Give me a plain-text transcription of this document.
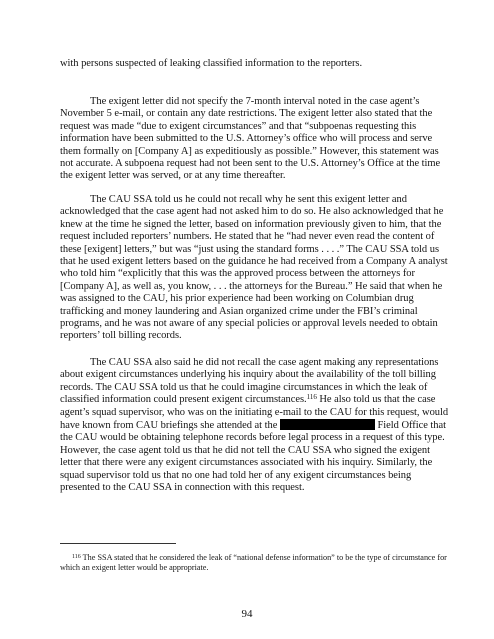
with persons suspected of leaking classified information to the reporters.

The exigent letter did not specify the 7-month interval noted in the case agent’s November 5 e-mail, or contain any date restrictions. The exigent letter also stated that the request was made “due to exigent circumstances” and that “subpoenas requesting this information have been submitted to the U.S. Attorney’s office who will process and serve them formally on [Company A] as expeditiously as possible.” However, this statement was not accurate. A subpoena request had not been sent to the U.S. Attorney’s Office at the time the exigent letter was served, or at any time thereafter.

The CAU SSA told us he could not recall why he sent this exigent letter and acknowledged that the case agent had not asked him to do so. He also acknowledged that he knew at the time he signed the letter, based on information previously given to him, that the request included reporters’ numbers. He stated that he “had never even read the content of these [exigent] letters,” but was “just using the standard forms . . . .” The CAU SSA told us that he used exigent letters based on the guidance he had received from a Company A analyst who told him “explicitly that this was the approved process between the attorneys for [Company A], as well as, you know, . . . the attorneys for the Bureau.” He said that when he was assigned to the CAU, his prior experience had been working on Columbian drug trafficking and money laundering and Asian organized crime under the FBI’s criminal programs, and he was not aware of any special policies or approval levels needed to obtain reporters’ toll billing records.

The CAU SSA also said he did not recall the case agent making any representations about exigent circumstances underlying his inquiry about the availability of the toll billing records. The CAU SSA told us that he could imagine circumstances in which the leak of classified information could present exigent circumstances.$^{116}$ He also told us that the case agent’s squad supervisor, who was on the initiating e-mail to the CAU for this request, would have known from CAU briefings she attended at the	Field Office that the CAU would be obtaining telephone records before legal process in a request of this type. However, the case agent told us that he did not tell the CAU SSA who signed the exigent letter that there were any exigent circumstances associated with his inquiry. Similarly, the squad supervisor told us that no one had told her of any exigent circumstances being presented to the CAU SSA in connection with this request.

$^{116}$ The SSA stated that he considered the leak of “national defense information” to be the type of circumstance for which an exigent letter would be appropriate.

94
